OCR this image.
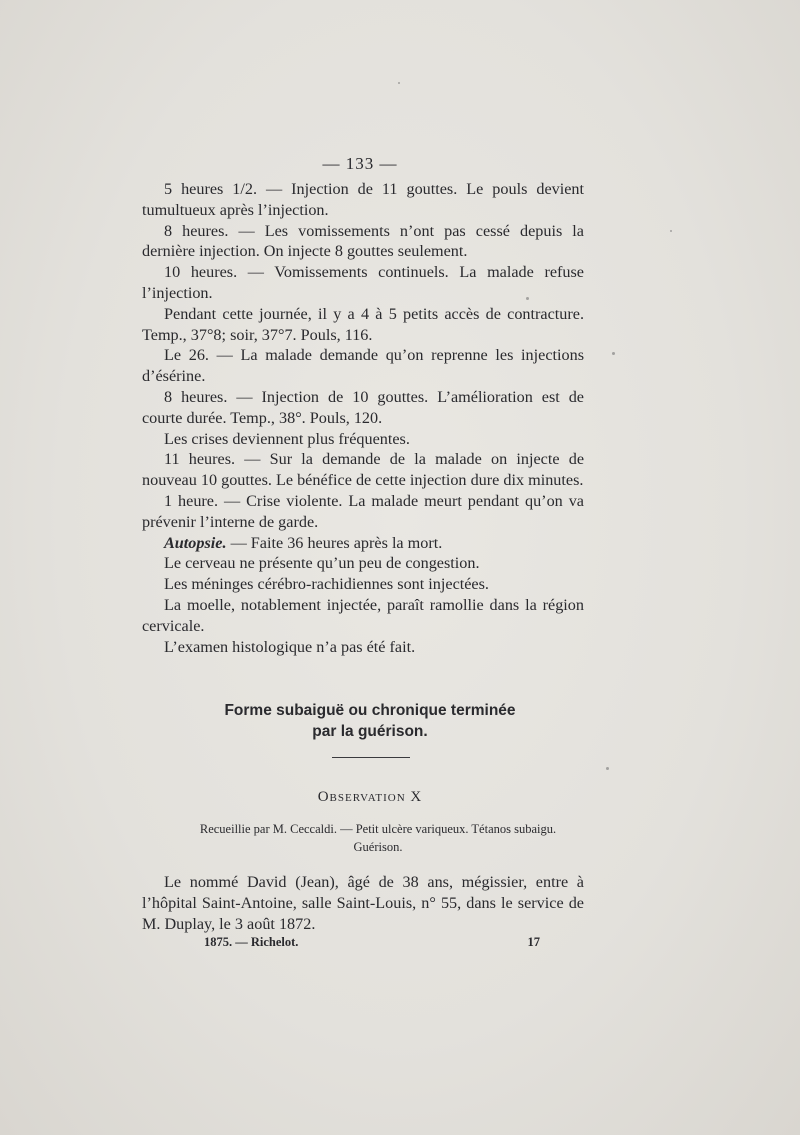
— 133 —

5 heures 1/2. — Injection de 11 gouttes. Le pouls devient tumultueux après l’injection.

8 heures. — Les vomissements n’ont pas cessé depuis la dernière injection. On injecte 8 gouttes seulement.

10 heures. — Vomissements continuels. La malade refuse l’injection.

Pendant cette journée, il y a 4 à 5 petits accès de contracture. Temp., 37°8; soir, 37°7. Pouls, 116.

Le 26. — La malade demande qu’on reprenne les injections d’ésérine.

8 heures. — Injection de 10 gouttes. L’amélioration est de courte durée. Temp., 38°. Pouls, 120.

Les crises deviennent plus fréquentes.

11 heures. — Sur la demande de la malade on injecte de nouveau 10 gouttes. Le bénéfice de cette injection dure dix minutes.

1 heure. — Crise violente. La malade meurt pendant qu’on va prévenir l’interne de garde.

Autopsie. — Faite 36 heures après la mort.

Le cerveau ne présente qu’un peu de congestion.

Les méninges cérébro-rachidiennes sont injectées.

La moelle, notablement injectée, paraît ramollie dans la région cervicale.

L’examen histologique n’a pas été fait.

Forme subaiguë ou chronique terminée
par la guérison.
Observation X
Recueillie par M. Ceccaldi. — Petit ulcère variqueux. Tétanos subaigu.
Guérison.

Le nommé David (Jean), âgé de 38 ans, mégissier, entre à l’hôpital Saint-Antoine, salle Saint-Louis, n° 55, dans le service de M. Duplay, le 3 août 1872.

1875. — Richelot.	17
